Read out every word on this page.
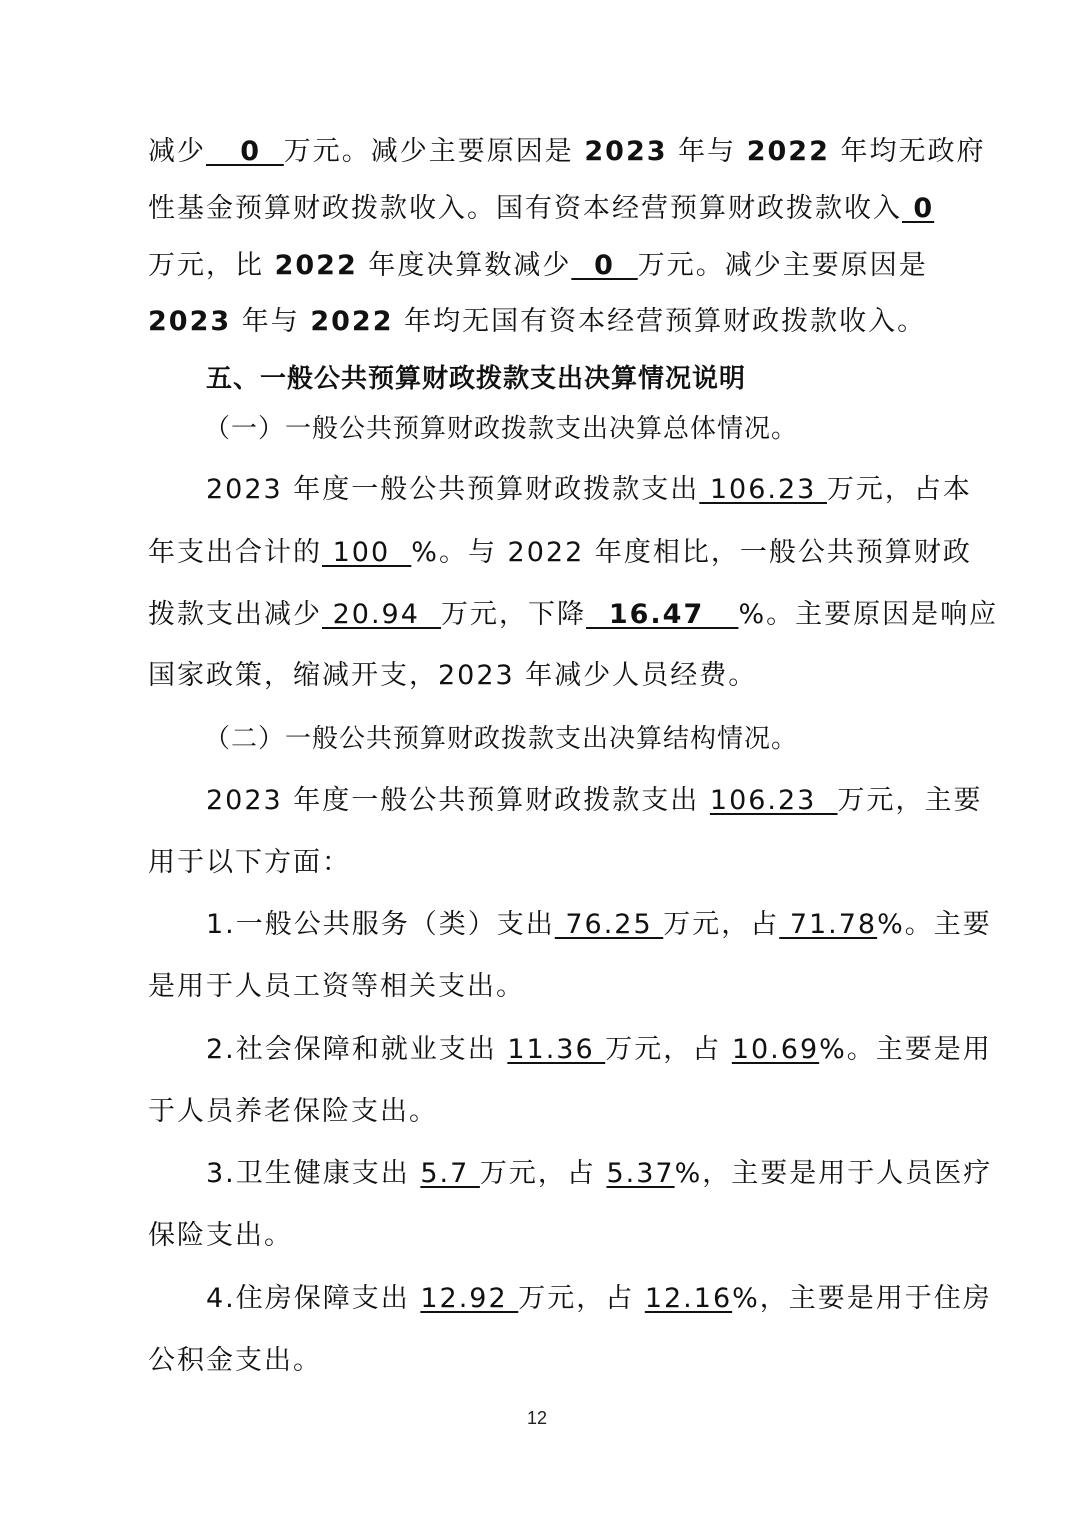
减少   0  万元。减少主要原因是 2023 年与 2022 年均无政府
性基金预算财政拨款收入。国有资本经营预算财政拨款收入 0
万元，比 2022 年度决算数减少  0  万元。减少主要原因是
2023 年与 2022 年均无国有资本经营预算财政拨款收入。
五、一般公共预算财政拨款支出决算情况说明
（一）一般公共预算财政拨款支出决算总体情况。
2023 年度一般公共预算财政拨款支出 106.23 万元，占本
年支出合计的 100  %。与 2022 年度相比，一般公共预算财政
拨款支出减少 20.94  万元，下降  16.47   %。主要原因是响应
国家政策，缩减开支，2023 年减少人员经费。
（二）一般公共预算财政拨款支出决算结构情况。
2023 年度一般公共预算财政拨款支出 106.23  万元，主要
用于以下方面：
1.一般公共服务（类）支出 76.25 万元，占 71.78%。主要
是用于人员工资等相关支出。
2.社会保障和就业支出 11.36 万元，占 10.69%。主要是用
于人员养老保险支出。
3.卫生健康支出 5.7 万元，占 5.37%，主要是用于人员医疗
保险支出。
4.住房保障支出 12.92 万元，占 12.16%，主要是用于住房
公积金支出。
12
